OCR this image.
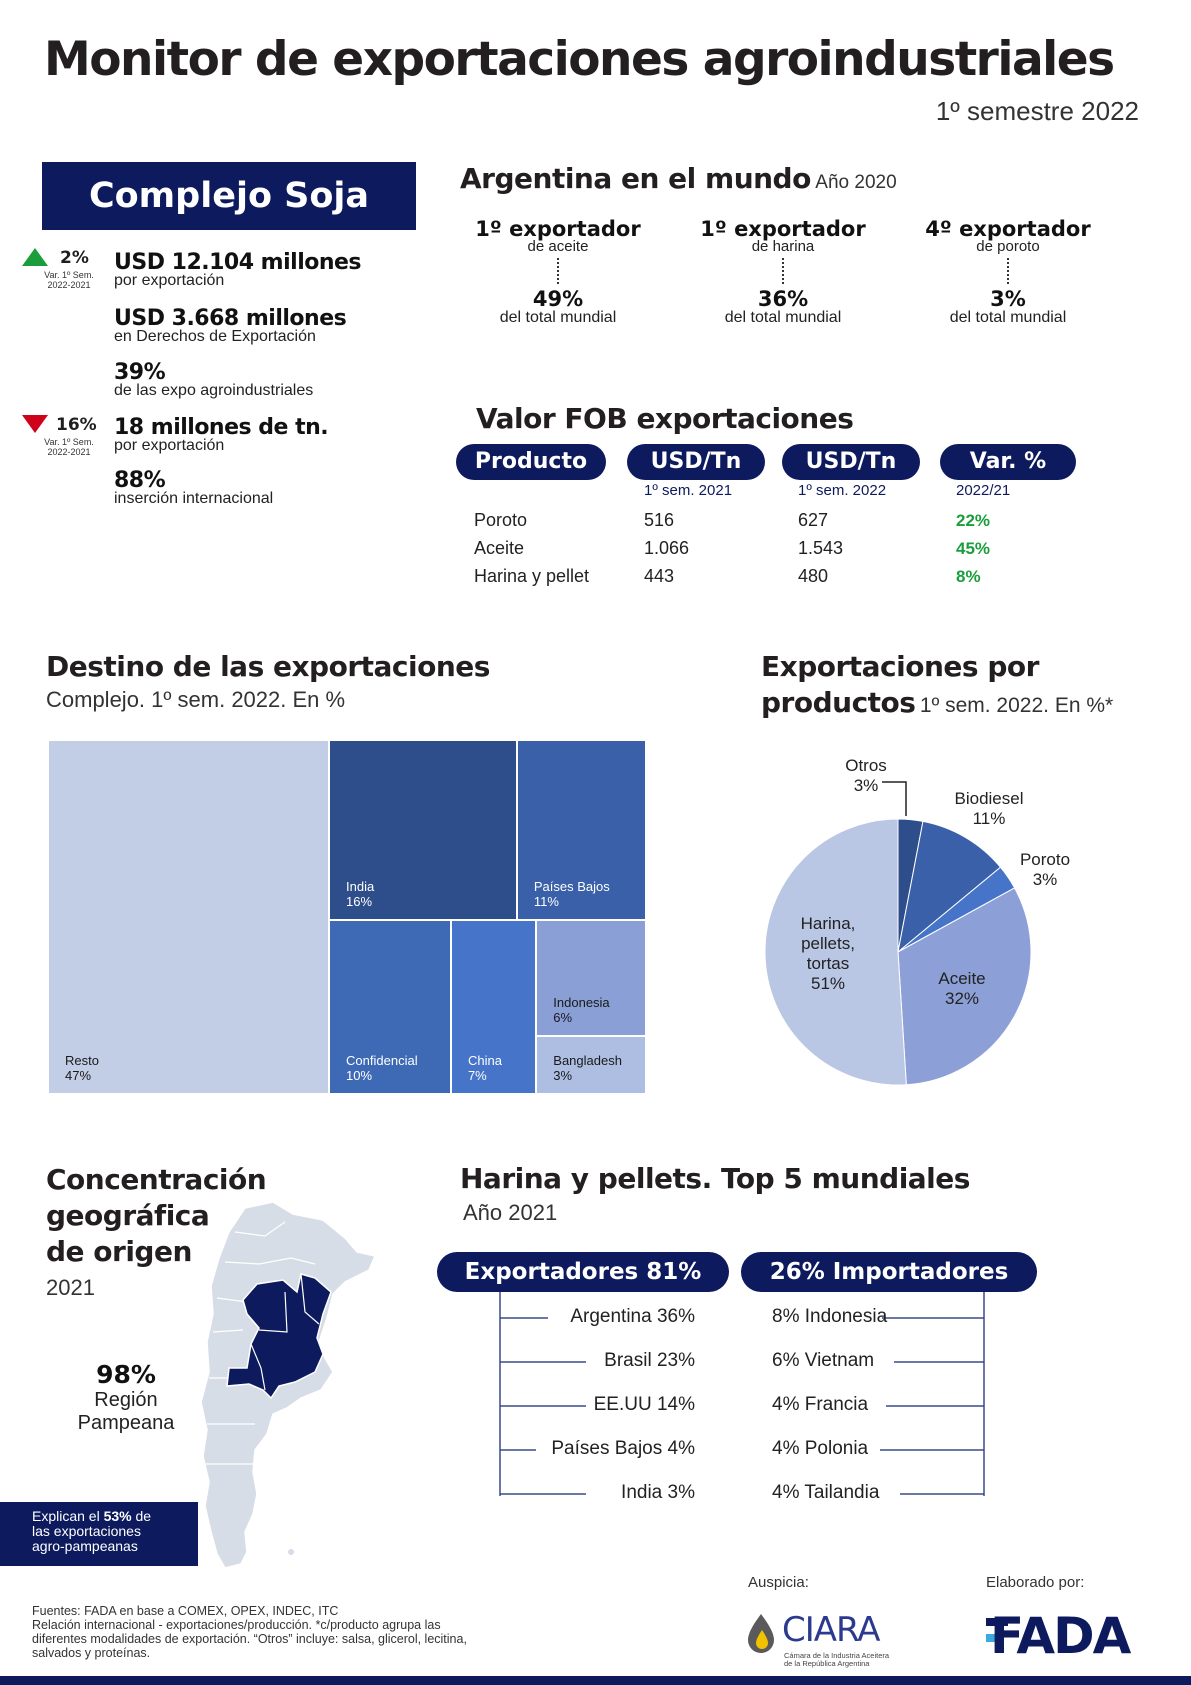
Monitor de exportaciones agroindustriales
1º semestre 2022
Complejo Soja
2%
Var. 1º Sem.
2022-2021
16%
Var. 1º Sem.
2022-2021
USD 12.104 millones
por exportación
USD 3.668 millones
en Derechos de Exportación
39%
de las expo agroindustriales
18 millones de tn.
por exportación
88%
inserción internacional
Argentina en el mundo Año 2020
1º exportador
de aceite
49%
del total mundial
1º exportador
de harina
36%
del total mundial
4º exportador
de poroto
3%
del total mundial
Valor FOB exportaciones
Producto	USD/Tn	USD/Tn	Var. %
1º sem. 2021	1º sem. 2022	2022/21
Poroto	516	627	22%
Aceite	1.066	1.543	45%
Harina y pellet	443	480	8%
Destino de las exportaciones
Complejo. 1º sem. 2022. En %
Resto
47%
India
16%
Países Bajos
11%
Confidencial
10%
China
7%
Indonesia
6%
Bangladesh
3%
Exportaciones por
productos 1º sem. 2022. En %*
Otros
3%
Biodiesel
11%
Poroto
3%
Aceite
32%
Harina,
pellets,
tortas
51%
Concentración
geográfica
de origen
2021
98%
Región
Pampeana
Explican el 53% de
las exportaciones
agro-pampeanas
Harina y pellets. Top 5 mundiales
Año 2021
Exportadores 81%	26% Importadores
Argentina 36%
Brasil 23%
EE.UU 14%
Países Bajos 4%
India 3%
8% Indonesia
6% Vietnam
4% Francia
4% Polonia
4% Tailandia
Fuentes: FADA en base a COMEX, OPEX, INDEC, ITC
Relación internacional - exportaciones/producción. *c/producto agrupa las
diferentes modalidades de exportación. “Otros” incluye: salsa, glicerol, lecitina,
salvados y proteínas.
Auspicia:	Elaborado por:
CIARA
Cámara de la Industria Aceitera
de la República Argentina	FADA
